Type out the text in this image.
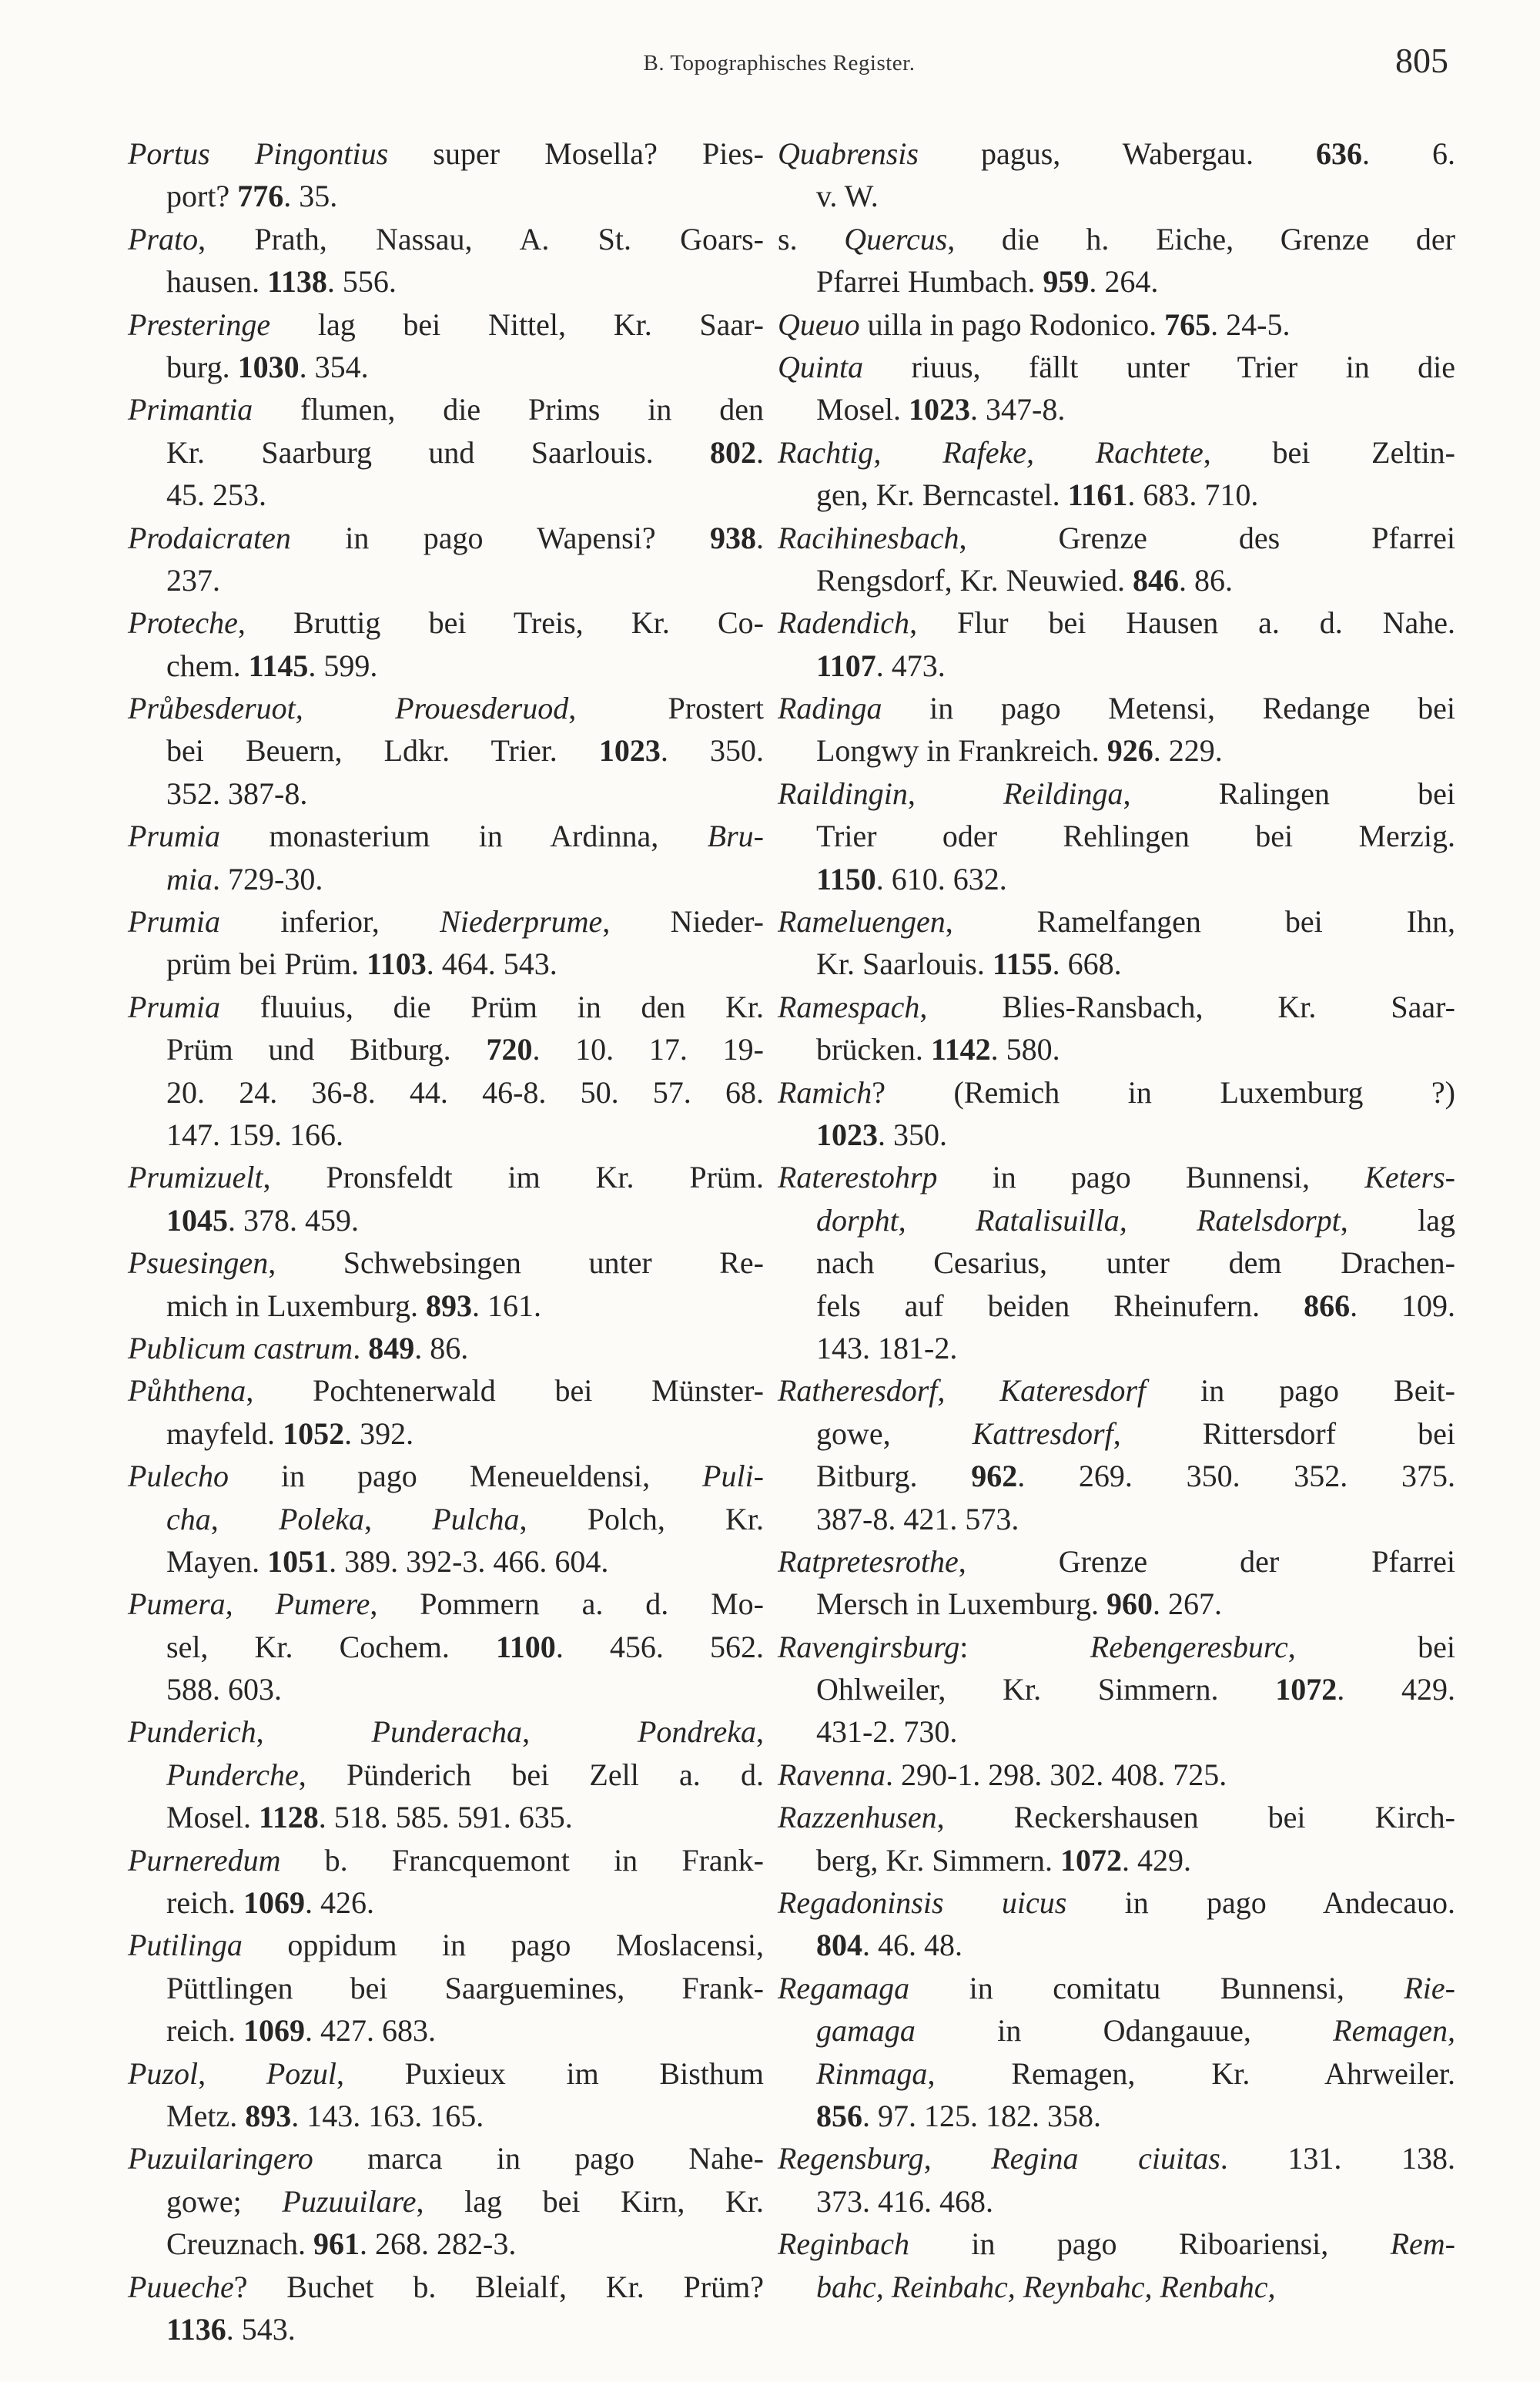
B. Topographisches Register.	805
Portus Pingontius super Mosella? Pies-
port? 776. 35.
Prato, Prath, Nassau, A. St. Goars-
hausen. 1138. 556.
Presteringe lag bei Nittel, Kr. Saar-
burg. 1030. 354.
Primantia flumen, die Prims in den
Kr. Saarburg und Saarlouis. 802.
45. 253.
Prodaicraten in pago Wapensi? 938.
237.
Proteche, Bruttig bei Treis, Kr. Co-
chem. 1145. 599.
Průbesderuot, Prouesderuod, Prostert
bei Beuern, Ldkr. Trier. 1023. 350.
352. 387-8.
Prumia monasterium in Ardinna, Bru-
mia. 729-30.
Prumia inferior, Niederprume, Nieder-
prüm bei Prüm. 1103. 464. 543.
Prumia fluuius, die Prüm in den Kr.
Prüm und Bitburg. 720. 10. 17. 19-
20. 24. 36-8. 44. 46-8. 50. 57. 68.
147. 159. 166.
Prumizuelt, Pronsfeldt im Kr. Prüm.
1045. 378. 459.
Psuesingen, Schwebsingen unter Re-
mich in Luxemburg. 893. 161.
Publicum castrum. 849. 86.
Půhthena, Pochtenerwald bei Münster-
mayfeld. 1052. 392.
Pulecho in pago Meneueldensi, Puli-
cha, Poleka, Pulcha, Polch, Kr.
Mayen. 1051. 389. 392-3. 466. 604.
Pumera, Pumere, Pommern a. d. Mo-
sel, Kr. Cochem. 1100. 456. 562.
588. 603.
Punderich, Punderacha, Pondreka,
Punderche, Pünderich bei Zell a. d.
Mosel. 1128. 518. 585. 591. 635.
Purneredum b. Francquemont in Frank-
reich. 1069. 426.
Putilinga oppidum in pago Moslacensi,
Püttlingen bei Saarguemines, Frank-
reich. 1069. 427. 683.
Puzol, Pozul, Puxieux im Bisthum
Metz. 893. 143. 163. 165.
Puzuilaringero marca in pago Nahe-
gowe; Puzuuilare, lag bei Kirn, Kr.
Creuznach. 961. 268. 282-3.
Puueche? Buchet b. Bleialf, Kr. Prüm?
1136. 543.
Quabrensis pagus, Wabergau. 636. 6.
v. W.
s. Quercus, die h. Eiche, Grenze der
Pfarrei Humbach. 959. 264.
Queuo uilla in pago Rodonico. 765. 24-5.
Quinta riuus, fällt unter Trier in die
Mosel. 1023. 347-8.
Rachtig, Rafeke, Rachtete, bei Zeltin-
gen, Kr. Berncastel. 1161. 683. 710.
Racihinesbach, Grenze des Pfarrei
Rengsdorf, Kr. Neuwied. 846. 86.
Radendich, Flur bei Hausen a. d. Nahe.
1107. 473.
Radinga in pago Metensi, Redange bei
Longwy in Frankreich. 926. 229.
Raildingin, Reildinga, Ralingen bei
Trier oder Rehlingen bei Merzig.
1150. 610. 632.
Rameluengen, Ramelfangen bei Ihn,
Kr. Saarlouis. 1155. 668.
Ramespach, Blies-Ransbach, Kr. Saar-
brücken. 1142. 580.
Ramich? (Remich in Luxemburg ?)
1023. 350.
Raterestohrp in pago Bunnensi, Keters-
dorpht, Ratalisuilla, Ratelsdorpt, lag
nach Cesarius, unter dem Drachen-
fels auf beiden Rheinufern. 866. 109.
143. 181-2.
Ratheresdorf, Kateresdorf in pago Beit-
gowe, Kattresdorf, Rittersdorf bei
Bitburg. 962. 269. 350. 352. 375.
387-8. 421. 573.
Ratpretesrothe, Grenze der Pfarrei
Mersch in Luxemburg. 960. 267.
Ravengirsburg: Rebengeresburc, bei
Ohlweiler, Kr. Simmern. 1072. 429.
431-2. 730.
Ravenna. 290-1. 298. 302. 408. 725.
Razzenhusen, Reckershausen bei Kirch-
berg, Kr. Simmern. 1072. 429.
Regadoninsis uicus in pago Andecauo.
804. 46. 48.
Regamaga in comitatu Bunnensi, Rie-
gamaga in Odangauue, Remagen,
Rinmaga, Remagen, Kr. Ahrweiler.
856. 97. 125. 182. 358.
Regensburg, Regina ciuitas. 131. 138.
373. 416. 468.
Reginbach in pago Riboariensi, Rem-
bahc, Reinbahc, Reynbahc, Renbahc,
